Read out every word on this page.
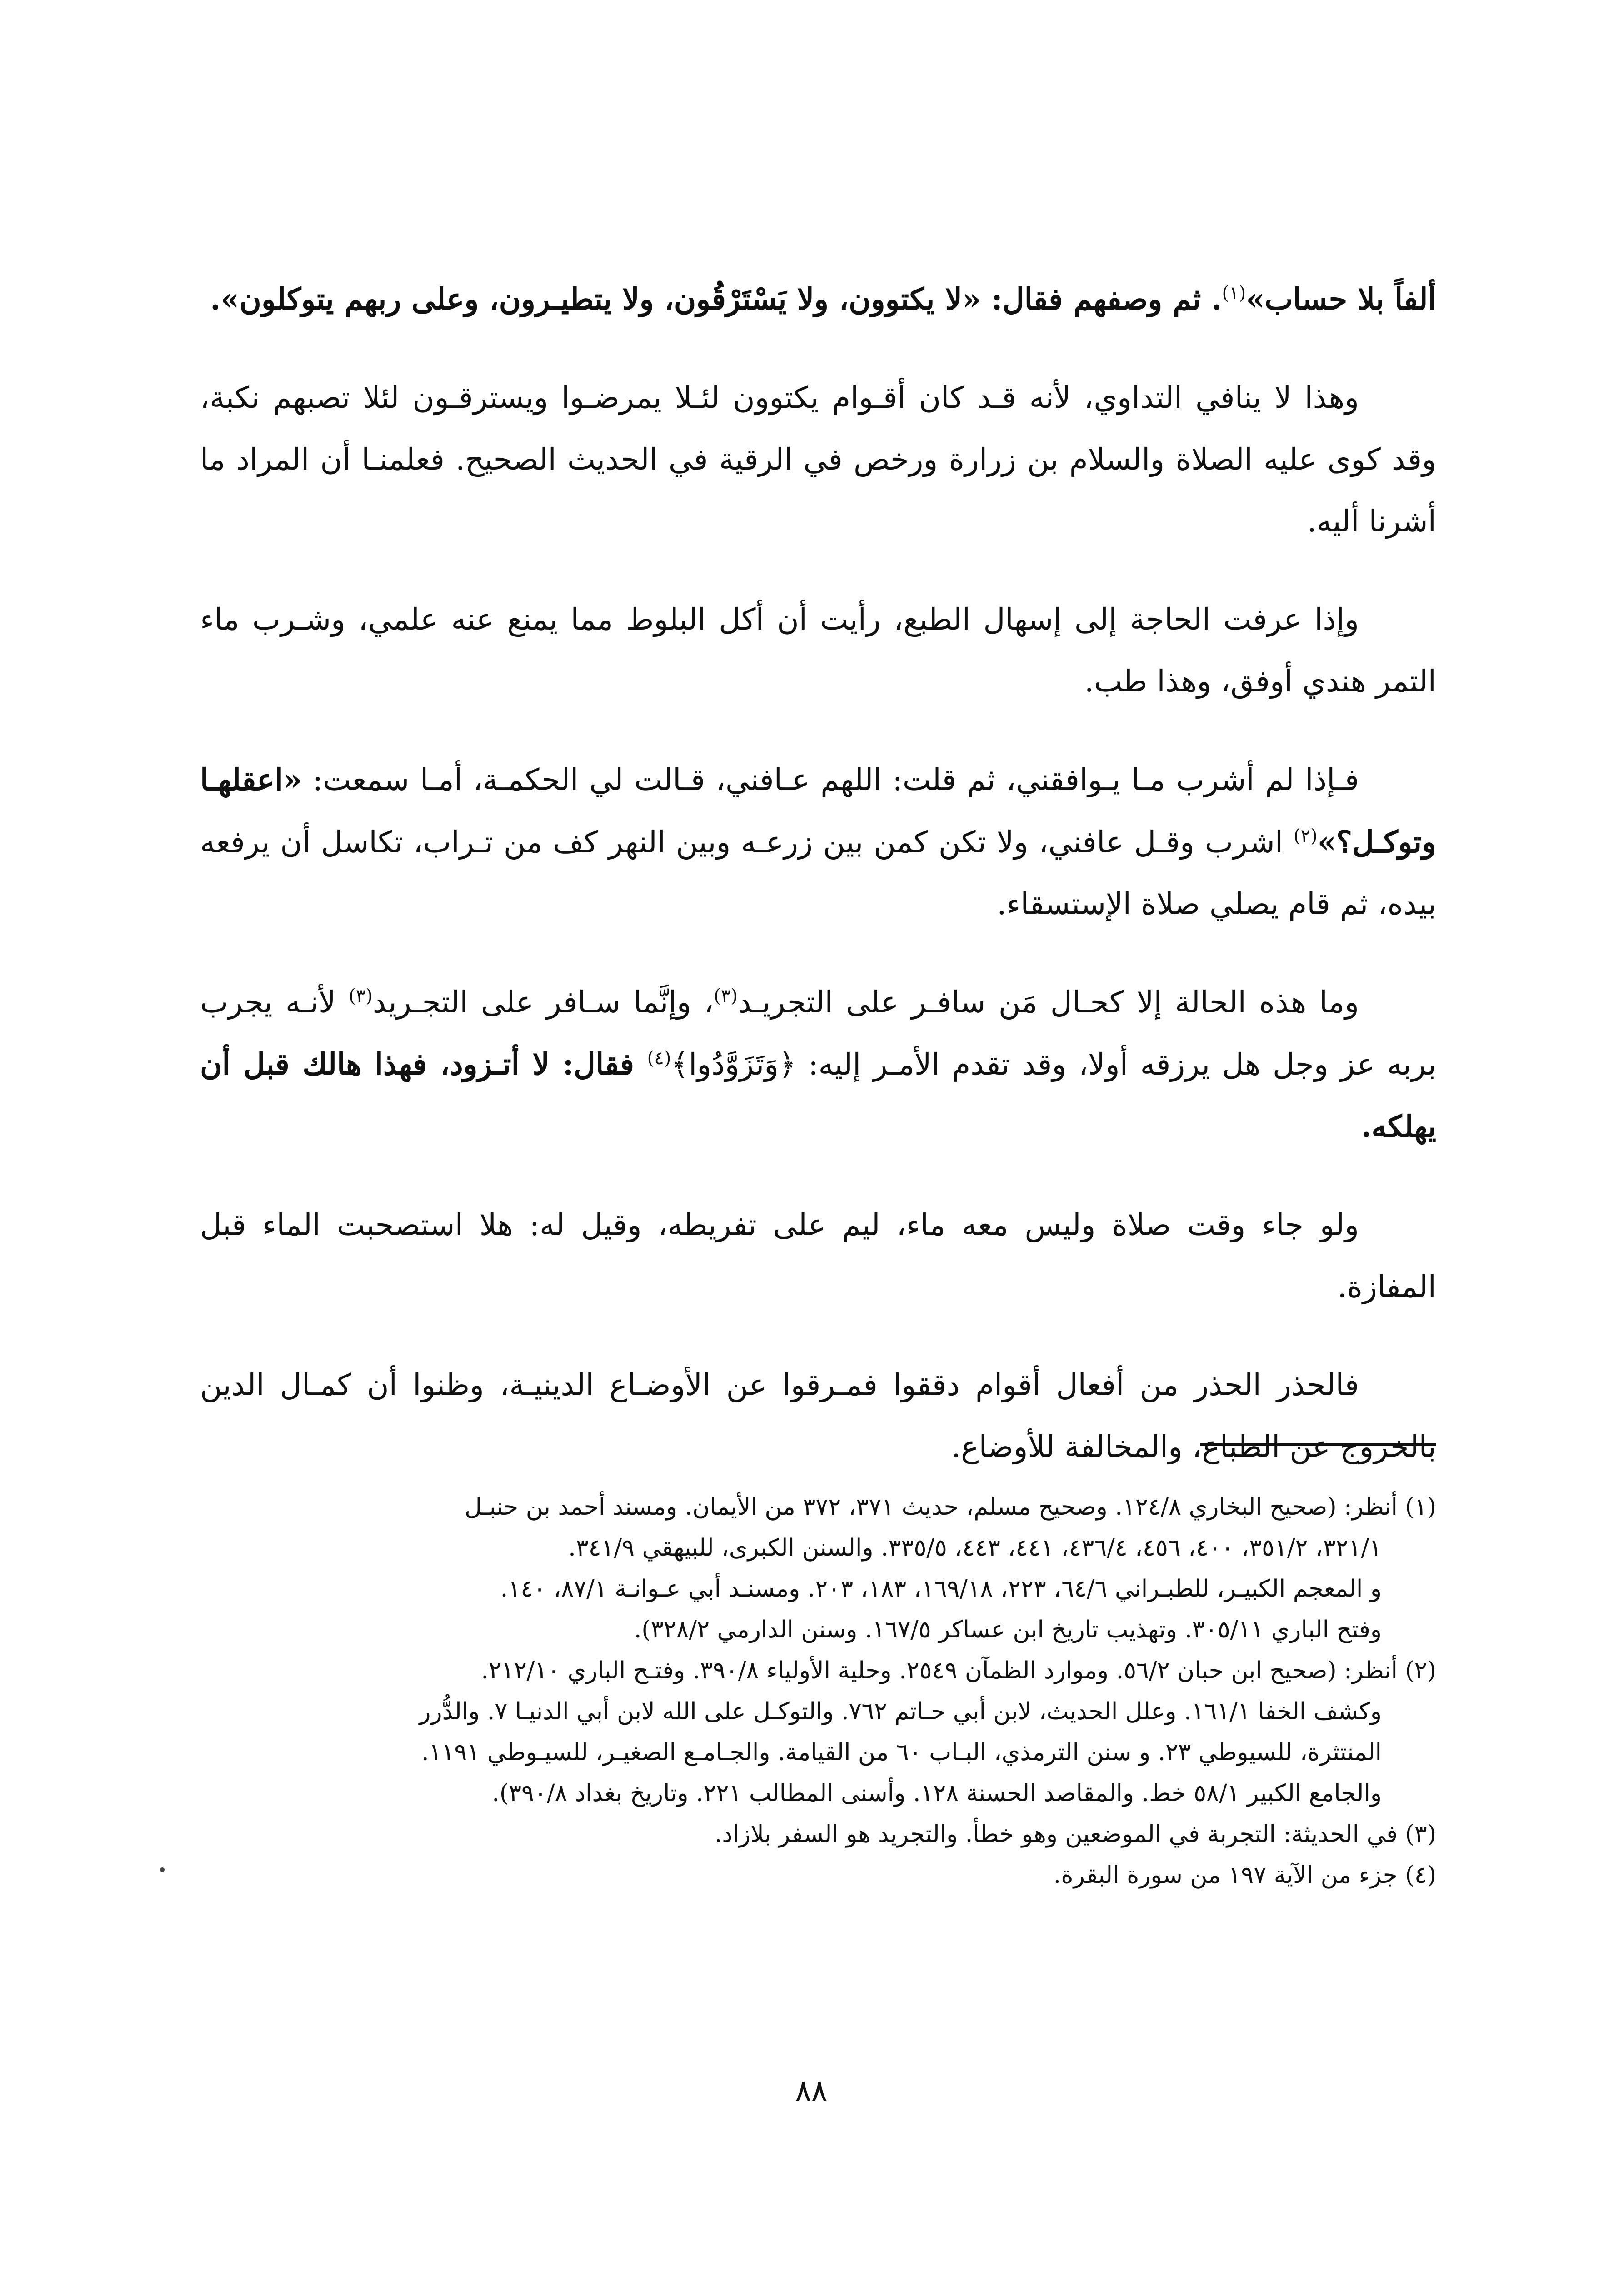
ألفاً بلا حساب»$^{(١)}$. ثم وصفهم فقال: «لا يكتوون، ولا يَسْتَرْقُون، ولا يتطيـرون، وعلى ربهم يتوكلون».

وهذا لا ينافي التداوي، لأنه قـد كان أقـوام يكتوون لئـلا يمرضـوا ويسترقـون لئلا تصبهم نكبة، وقد كوى عليه الصلاة والسلام بن زرارة ورخص في الرقية في الحديث الصحيح. فعلمنـا أن المراد ما أشرنا أليه.

وإذا عرفت الحاجة إلى إسهال الطبع، رأيت أن أكل البلوط مما يمنع عنه علمي، وشـرب ماء التمر هندي أوفق، وهذا طب.

فـإذا لم أشرب مـا يـوافقني، ثم قلت: اللهم عـافني، قـالت لي الحكمـة، أمـا سمعت: «اعقلهـا وتوكـل؟»$^{(٢)}$ اشرب وقـل عافني، ولا تكن كمن بين زرعـه وبين النهر كف من تـراب، تكاسل أن يرفعه بيده، ثم قام يصلي صلاة الإستسقاء.

وما هذه الحالة إلا كحـال مَن سافـر على التجريـد$^{(٣)}$، وإنَّما سـافر على التجـريد$^{(٣)}$ لأنـه يجرب بربه عز وجل هل يرزقه أولا، وقد تقدم الأمـر إليه: ﴿وَتَزَوَّدُوا﴾$^{(٤)}$ فقال: لا أتـزود، فهذا هالك قبل أن يهلكه.

ولو جاء وقت صلاة وليس معه ماء، ليم على تفريطه، وقيل له: هلا استصحبت الماء قبل المفازة.

فالحذر الحذر من أفعال أقوام دققوا فمـرقوا عن الأوضـاع الدينيـة، وظنوا أن كمـال الدين بالخروج عن الطباع، والمخالفة للأوضاع.

(١) أنظر: (صحيح البخاري ١٢٤/٨. وصحيح مسلم، حديث ٣٧١، ٣٧٢ من الأيمان. ومسند أحمد بن حنبـل
٣٢١/١، ٣٥١/٢، ٤٠٠، ٤٥٦، ٤٣٦/٤، ٤٤١، ٤٤٣، ٣٣٥/٥. والسنن الكبرى، للبيهقي ٣٤١/٩.
و المعجم الكبيـر، للطبـراني ٦٤/٦، ٢٢٣، ١٦٩/١٨، ١٨٣، ٢٠٣. ومسنـد أبي عـوانـة ٨٧/١، ١٤٠.
وفتح الباري ٣٠٥/١١. وتهذيب تاريخ ابن عساكر ١٦٧/٥. وسنن الدارمي ٣٢٨/٢).
(٢) أنظر: (صحيح ابن حبان ٥٦/٢. وموارد الظمآن ٢٥٤٩. وحلية الأولياء ٣٩٠/٨. وفتـح الباري ٢١٢/١٠.
وكشف الخفا ١٦١/١. وعلل الحديث، لابن أبي حـاتم ٧٦٢. والتوكـل على الله لابن أبي الدنيـا ٧. والدُّرر
المنتثرة، للسيوطي ٢٣. و سنن الترمذي، البـاب ٦٠ من القيامة. والجـامـع الصغيـر، للسيـوطي ١١٩١.
والجامع الكبير ٥٨/١ خط. والمقاصد الحسنة ١٢٨. وأسنى المطالب ٢٢١. وتاريخ بغداد ٣٩٠/٨).
(٣) في الحديثة: التجربة في الموضعين وهو خطأ. والتجريد هو السفر بلازاد.
(٤) جزء من الآية ١٩٧ من سورة البقرة.
٨٨
